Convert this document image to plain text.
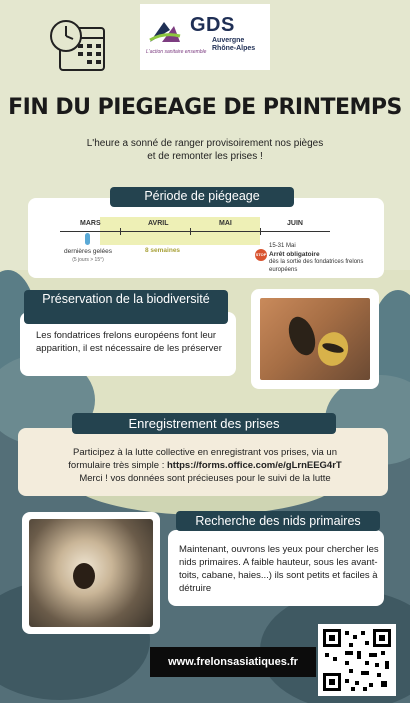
GDS
Auvergne
Rhône-Alpes
L'action sanitaire ensemble
FIN DU PIEGEAGE DE PRINTEMPS
L'heure a sonné de ranger provisoirement nos pièges
et de remonter les prises !
Période de piégeage
MARS	AVRIL	MAI	JUIN
8 semaines
dernières gelées
(5 jours > 15°)
STOP
15-31 Mai
Arrêt obligatoire
dès la sortie des fondatrices frelons européens
Préservation de la biodiversité
Les fondatrices frelons européens font leur apparition, il est nécessaire de les préserver
Enregistrement des prises
Participez à la lutte collective en enregistrant vos prises, via un
formulaire très simple : https://forms.office.com/e/gLrnEEG4rT
Merci ! vos données sont précieuses pour le suivi de la lutte
Recherche des nids primaires
Maintenant, ouvrons les yeux pour chercher les nids primaires. A faible hauteur, sous les avant-toits, cabane, haies...) ils sont petits et faciles à détruire
www.frelonsasiatiques.fr
